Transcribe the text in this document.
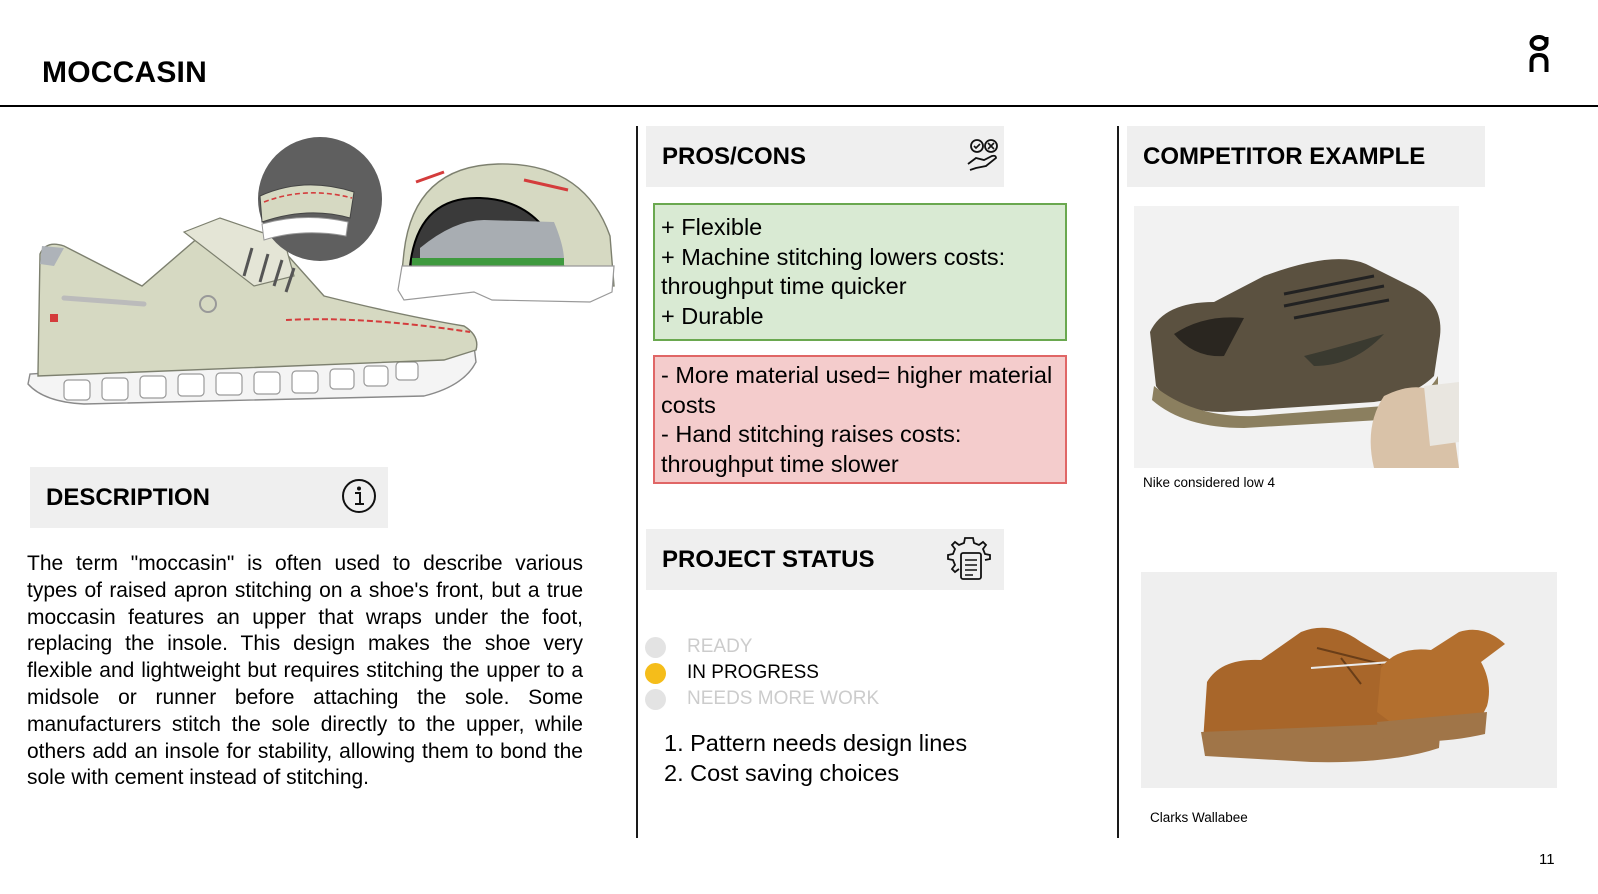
MOCCASIN
DESCRIPTION
The term "moccasin" is often used to describe various types of raised apron stitching on a shoe's front, but a true moccasin features an upper that wraps under the foot, replacing the insole. This design makes the shoe very flexible and lightweight but requires stitching the upper to a midsole or runner before attaching the sole. Some manufacturers stitch the sole directly to the upper, while others add an insole for stability, allowing them to bond the sole with cement instead of stitching.
PROS/CONS
+ Flexible
+ Machine stitching lowers costs: throughput time quicker
+ Durable
- More material used= higher material costs
- Hand stitching raises costs: throughput time slower
PROJECT STATUS
READY
IN PROGRESS
NEEDS MORE WORK
1. Pattern needs design lines
2. Cost saving choices
COMPETITOR EXAMPLE
Nike considered low 4
Clarks Wallabee
11
